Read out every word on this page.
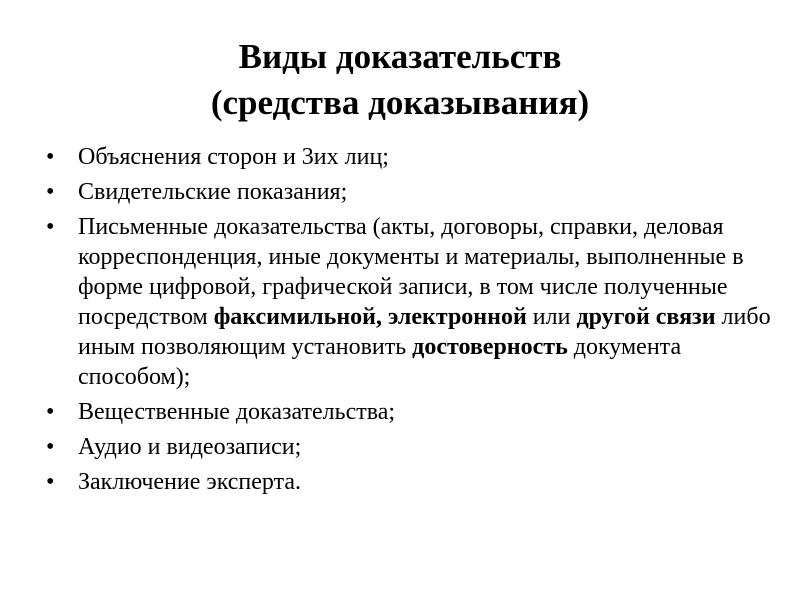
Виды доказательств
(средства доказывания)
• Объяснения сторон и 3их лиц;
• Свидетельские показания;
• Письменные доказательства (акты, договоры, справки, деловая корреспонденция, иные документы и материалы, выполненные в форме цифровой, графической записи, в том числе полученные посредством факсимильной, электронной или другой связи либо иным позволяющим установить достоверность документа способом);
• Вещественные доказательства;
• Аудио и видеозаписи;
• Заключение эксперта.
